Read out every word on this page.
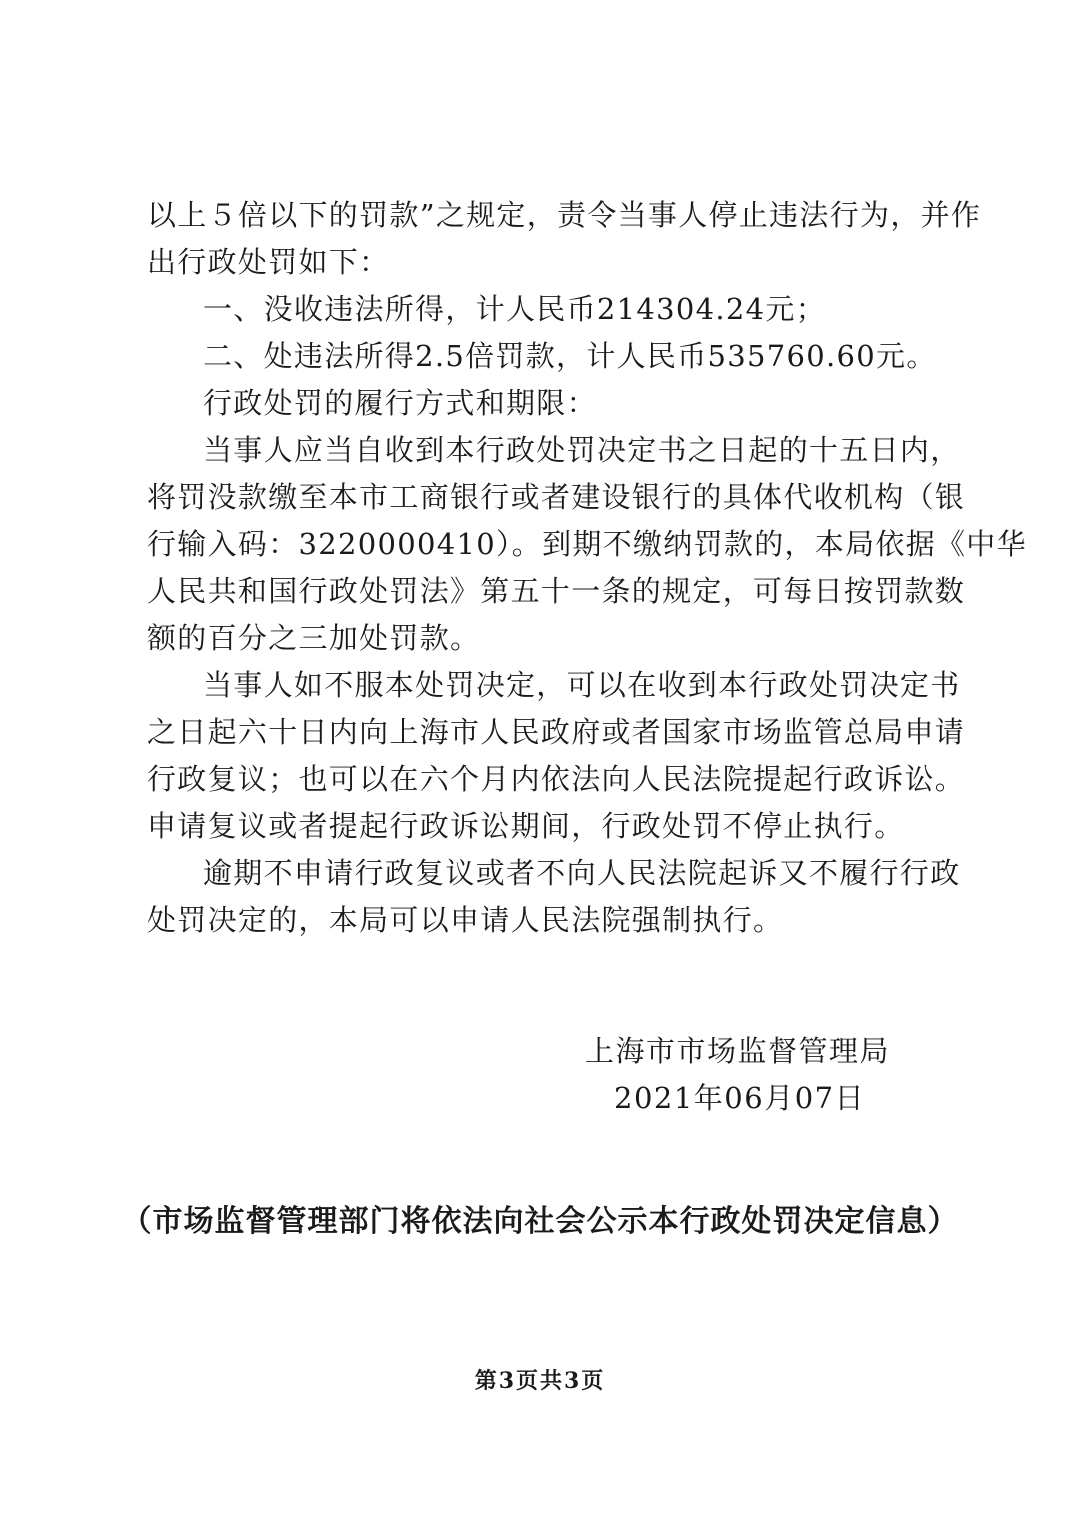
以上５倍以下的罚款”之规定，责令当事人停止违法行为，并作
出行政处罚如下：
一、没收违法所得，计人民币214304.24元；
二、处违法所得2.5倍罚款，计人民币535760.60元。
行政处罚的履行方式和期限：
当事人应当自收到本行政处罚决定书之日起的十五日内，
将罚没款缴至本市工商银行或者建设银行的具体代收机构（银
行输入码：3220000410）。到期不缴纳罚款的，本局依据《中华
人民共和国行政处罚法》第五十一条的规定，可每日按罚款数
额的百分之三加处罚款。
当事人如不服本处罚决定，可以在收到本行政处罚决定书
之日起六十日内向上海市人民政府或者国家市场监管总局申请
行政复议；也可以在六个月内依法向人民法院提起行政诉讼。
申请复议或者提起行政诉讼期间，行政处罚不停止执行。
逾期不申请行政复议或者不向人民法院起诉又不履行行政
处罚决定的，本局可以申请人民法院强制执行。
上海市市场监督管理局
2021年06月07日
（市场监督管理部门将依法向社会公示本行政处罚决定信息）
第3页共3页
